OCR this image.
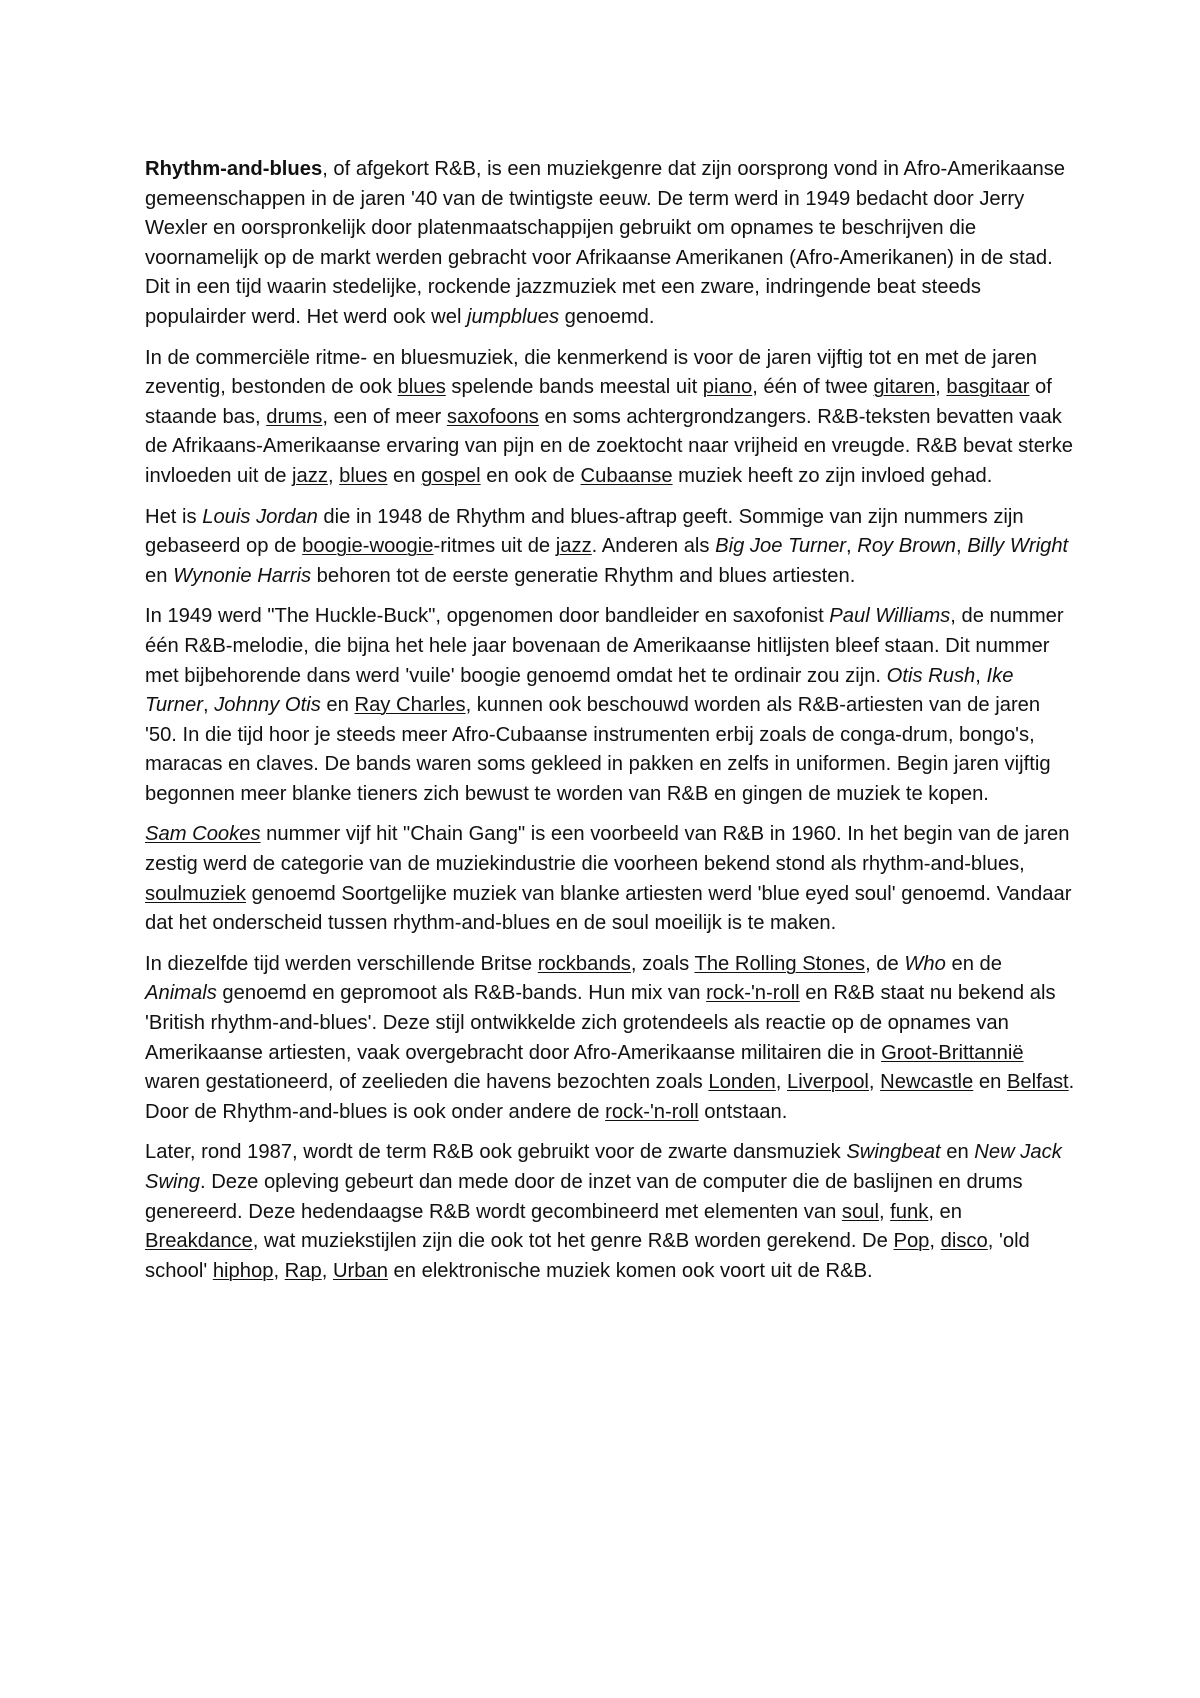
Rhythm-and-blues, of afgekort R&B, is een muziekgenre dat zijn oorsprong vond in Afro-Amerikaanse gemeenschappen in de jaren '40 van de twintigste eeuw. De term werd in 1949 bedacht door Jerry Wexler en oorspronkelijk door platenmaatschappijen gebruikt om opnames te beschrijven die voornamelijk op de markt werden gebracht voor Afrikaanse Amerikanen (Afro-Amerikanen) in de stad. Dit in een tijd waarin stedelijke, rockende jazzmuziek met een zware, indringende beat steeds populairder werd. Het werd ook wel jumpblues genoemd.

In de commerciële ritme- en bluesmuziek, die kenmerkend is voor de jaren vijftig tot en met de jaren zeventig, bestonden de ook blues spelende bands meestal uit piano, één of twee gitaren, basgitaar of staande bas, drums, een of meer saxofoons en soms achtergrondzangers. R&B-teksten bevatten vaak de Afrikaans-Amerikaanse ervaring van pijn en de zoektocht naar vrijheid en vreugde. R&B bevat sterke invloeden uit de jazz, blues en gospel en ook de Cubaanse muziek heeft zo zijn invloed gehad.

Het is Louis Jordan die in 1948 de Rhythm and blues-aftrap geeft. Sommige van zijn nummers zijn gebaseerd op de boogie-woogie-ritmes uit de jazz. Anderen als Big Joe Turner, Roy Brown, Billy Wright en Wynonie Harris behoren tot de eerste generatie Rhythm and blues artiesten.

In 1949 werd "The Huckle-Buck", opgenomen door bandleider en saxofonist Paul Williams, de nummer één R&B-melodie, die bijna het hele jaar bovenaan de Amerikaanse hitlijsten bleef staan. Dit nummer met bijbehorende dans werd 'vuile' boogie genoemd omdat het te ordinair zou zijn. Otis Rush, Ike Turner, Johnny Otis en Ray Charles, kunnen ook beschouwd worden als R&B-artiesten van de jaren '50. In die tijd hoor je steeds meer Afro-Cubaanse instrumenten erbij zoals de conga-drum, bongo's, maracas en claves. De bands waren soms gekleed in pakken en zelfs in uniformen. Begin jaren vijftig begonnen meer blanke tieners zich bewust te worden van R&B en gingen de muziek te kopen.

Sam Cookes nummer vijf hit "Chain Gang" is een voorbeeld van R&B in 1960. In het begin van de jaren zestig werd de categorie van de muziekindustrie die voorheen bekend stond als rhythm-and-blues, soulmuziek genoemd Soortgelijke muziek van blanke artiesten werd 'blue eyed soul' genoemd. Vandaar dat het onderscheid tussen rhythm-and-blues en de soul moeilijk is te maken.

In diezelfde tijd werden verschillende Britse rockbands, zoals The Rolling Stones, de Who en de Animals genoemd en gepromoot als R&B-bands. Hun mix van rock-'n-roll en R&B staat nu bekend als 'British rhythm-and-blues'. Deze stijl ontwikkelde zich grotendeels als reactie op de opnames van Amerikaanse artiesten, vaak overgebracht door Afro-Amerikaanse militairen die in Groot-Brittannië waren gestationeerd, of zeelieden die havens bezochten zoals Londen, Liverpool, Newcastle en Belfast. Door de Rhythm-and-blues is ook onder andere de rock-'n-roll ontstaan.

Later, rond 1987, wordt de term R&B ook gebruikt voor de zwarte dansmuziek Swingbeat en New Jack Swing. Deze opleving gebeurt dan mede door de inzet van de computer die de baslijnen en drums genereerd. Deze hedendaagse R&B wordt gecombineerd met elementen van soul, funk, en Breakdance, wat muziekstijlen zijn die ook tot het genre R&B worden gerekend. De Pop, disco, 'old school' hiphop, Rap, Urban en elektronische muziek komen ook voort uit de R&B.
